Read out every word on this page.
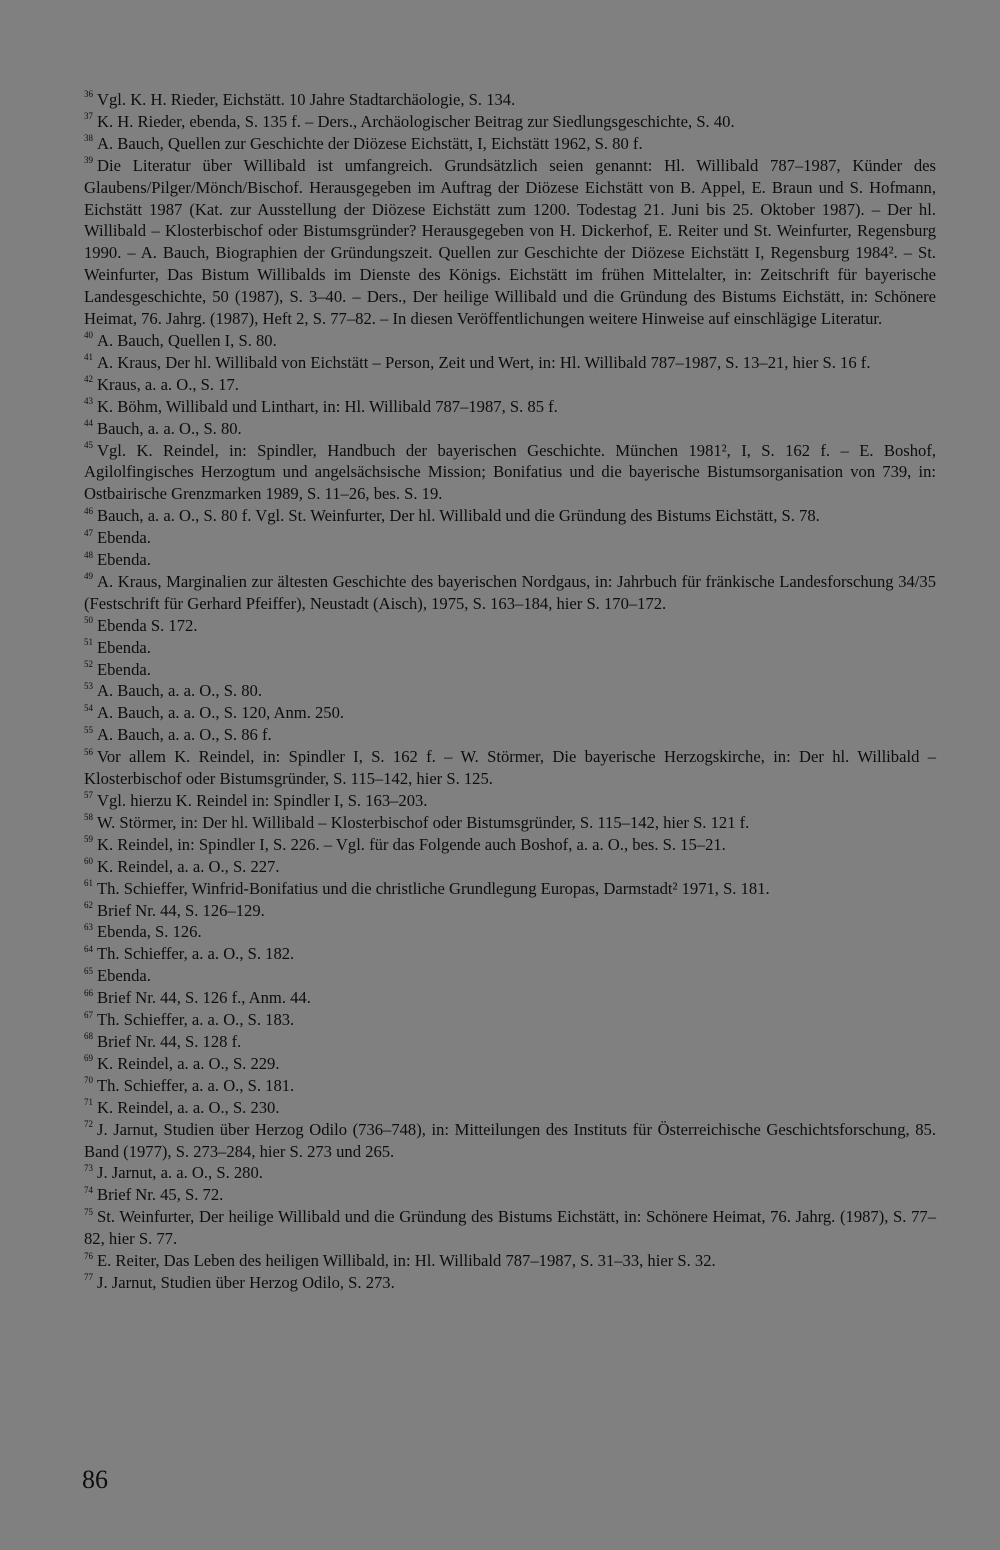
$^{36}$ Vgl. K. H. Rieder, Eichstätt. 10 Jahre Stadtarchäologie, S. 134.

$^{37}$ K. H. Rieder, ebenda, S. 135 f. – Ders., Archäologischer Beitrag zur Siedlungsgeschichte, S. 40.

$^{38}$ A. Bauch, Quellen zur Geschichte der Diözese Eichstätt, I, Eichstätt 1962, S. 80 f.

$^{39}$ Die Literatur über Willibald ist umfangreich. Grundsätzlich seien genannt: Hl. Willibald 787–1987, Künder des Glaubens/Pilger/Mönch/Bischof. Herausgegeben im Auftrag der Diözese Eichstätt von B. Appel, E. Braun und S. Hofmann, Eichstätt 1987 (Kat. zur Ausstellung der Diözese Eichstätt zum 1200. Todestag 21. Juni bis 25. Oktober 1987). – Der hl. Willibald – Klosterbischof oder Bistumsgründer? Herausgegeben von H. Dickerhof, E. Reiter und St. Weinfurter, Regensburg 1990. – A. Bauch, Biographien der Gründungszeit. Quellen zur Geschichte der Diözese Eichstätt I, Regensburg 1984². – St. Weinfurter, Das Bistum Willibalds im Dienste des Königs. Eichstätt im frühen Mittelalter, in: Zeitschrift für bayerische Landesgeschichte, 50 (1987), S. 3–40. – Ders., Der heilige Willibald und die Gründung des Bistums Eichstätt, in: Schönere Heimat, 76. Jahrg. (1987), Heft 2, S. 77–82. – In diesen Veröffentlichungen weitere Hinweise auf einschlägige Literatur.

$^{40}$ A. Bauch, Quellen I, S. 80.

$^{41}$ A. Kraus, Der hl. Willibald von Eichstätt – Person, Zeit und Wert, in: Hl. Willibald 787–1987, S. 13–21, hier S. 16 f.

$^{42}$ Kraus, a. a. O., S. 17.

$^{43}$ K. Böhm, Willibald und Linthart, in: Hl. Willibald 787–1987, S. 85 f.

$^{44}$ Bauch, a. a. O., S. 80.

$^{45}$ Vgl. K. Reindel, in: Spindler, Handbuch der bayerischen Geschichte. München 1981², I, S. 162 f. – E. Boshof, Agilolfingisches Herzogtum und angelsächsische Mission; Bonifatius und die bayerische Bistumsorganisation von 739, in: Ostbairische Grenzmarken 1989, S. 11–26, bes. S. 19.

$^{46}$ Bauch, a. a. O., S. 80 f. Vgl. St. Weinfurter, Der hl. Willibald und die Gründung des Bistums Eichstätt, S. 78.

$^{47}$ Ebenda.

$^{48}$ Ebenda.

$^{49}$ A. Kraus, Marginalien zur ältesten Geschichte des bayerischen Nordgaus, in: Jahrbuch für fränkische Landesforschung 34/35 (Festschrift für Gerhard Pfeiffer), Neustadt (Aisch), 1975, S. 163–184, hier S. 170–172.

$^{50}$ Ebenda S. 172.

$^{51}$ Ebenda.

$^{52}$ Ebenda.

$^{53}$ A. Bauch, a. a. O., S. 80.

$^{54}$ A. Bauch, a. a. O., S. 120, Anm. 250.

$^{55}$ A. Bauch, a. a. O., S. 86 f.

$^{56}$ Vor allem K. Reindel, in: Spindler I, S. 162 f. – W. Störmer, Die bayerische Herzogskirche, in: Der hl. Willibald – Klosterbischof oder Bistumsgründer, S. 115–142, hier S. 125.

$^{57}$ Vgl. hierzu K. Reindel in: Spindler I, S. 163–203.

$^{58}$ W. Störmer, in: Der hl. Willibald – Klosterbischof oder Bistumsgründer, S. 115–142, hier S. 121 f.

$^{59}$ K. Reindel, in: Spindler I, S. 226. – Vgl. für das Folgende auch Boshof, a. a. O., bes. S. 15–21.

$^{60}$ K. Reindel, a. a. O., S. 227.

$^{61}$ Th. Schieffer, Winfrid-Bonifatius und die christliche Grundlegung Europas, Darmstadt² 1971, S. 181.

$^{62}$ Brief Nr. 44, S. 126–129.

$^{63}$ Ebenda, S. 126.

$^{64}$ Th. Schieffer, a. a. O., S. 182.

$^{65}$ Ebenda.

$^{66}$ Brief Nr. 44, S. 126 f., Anm. 44.

$^{67}$ Th. Schieffer, a. a. O., S. 183.

$^{68}$ Brief Nr. 44, S. 128 f.

$^{69}$ K. Reindel, a. a. O., S. 229.

$^{70}$ Th. Schieffer, a. a. O., S. 181.

$^{71}$ K. Reindel, a. a. O., S. 230.

$^{72}$ J. Jarnut, Studien über Herzog Odilo (736–748), in: Mitteilungen des Instituts für Österreichische Geschichtsforschung, 85. Band (1977), S. 273–284, hier S. 273 und 265.

$^{73}$ J. Jarnut, a. a. O., S. 280.

$^{74}$ Brief Nr. 45, S. 72.

$^{75}$ St. Weinfurter, Der heilige Willibald und die Gründung des Bistums Eichstätt, in: Schönere Heimat, 76. Jahrg. (1987), S. 77–82, hier S. 77.

$^{76}$ E. Reiter, Das Leben des heiligen Willibald, in: Hl. Willibald 787–1987, S. 31–33, hier S. 32.

$^{77}$ J. Jarnut, Studien über Herzog Odilo, S. 273.

86
